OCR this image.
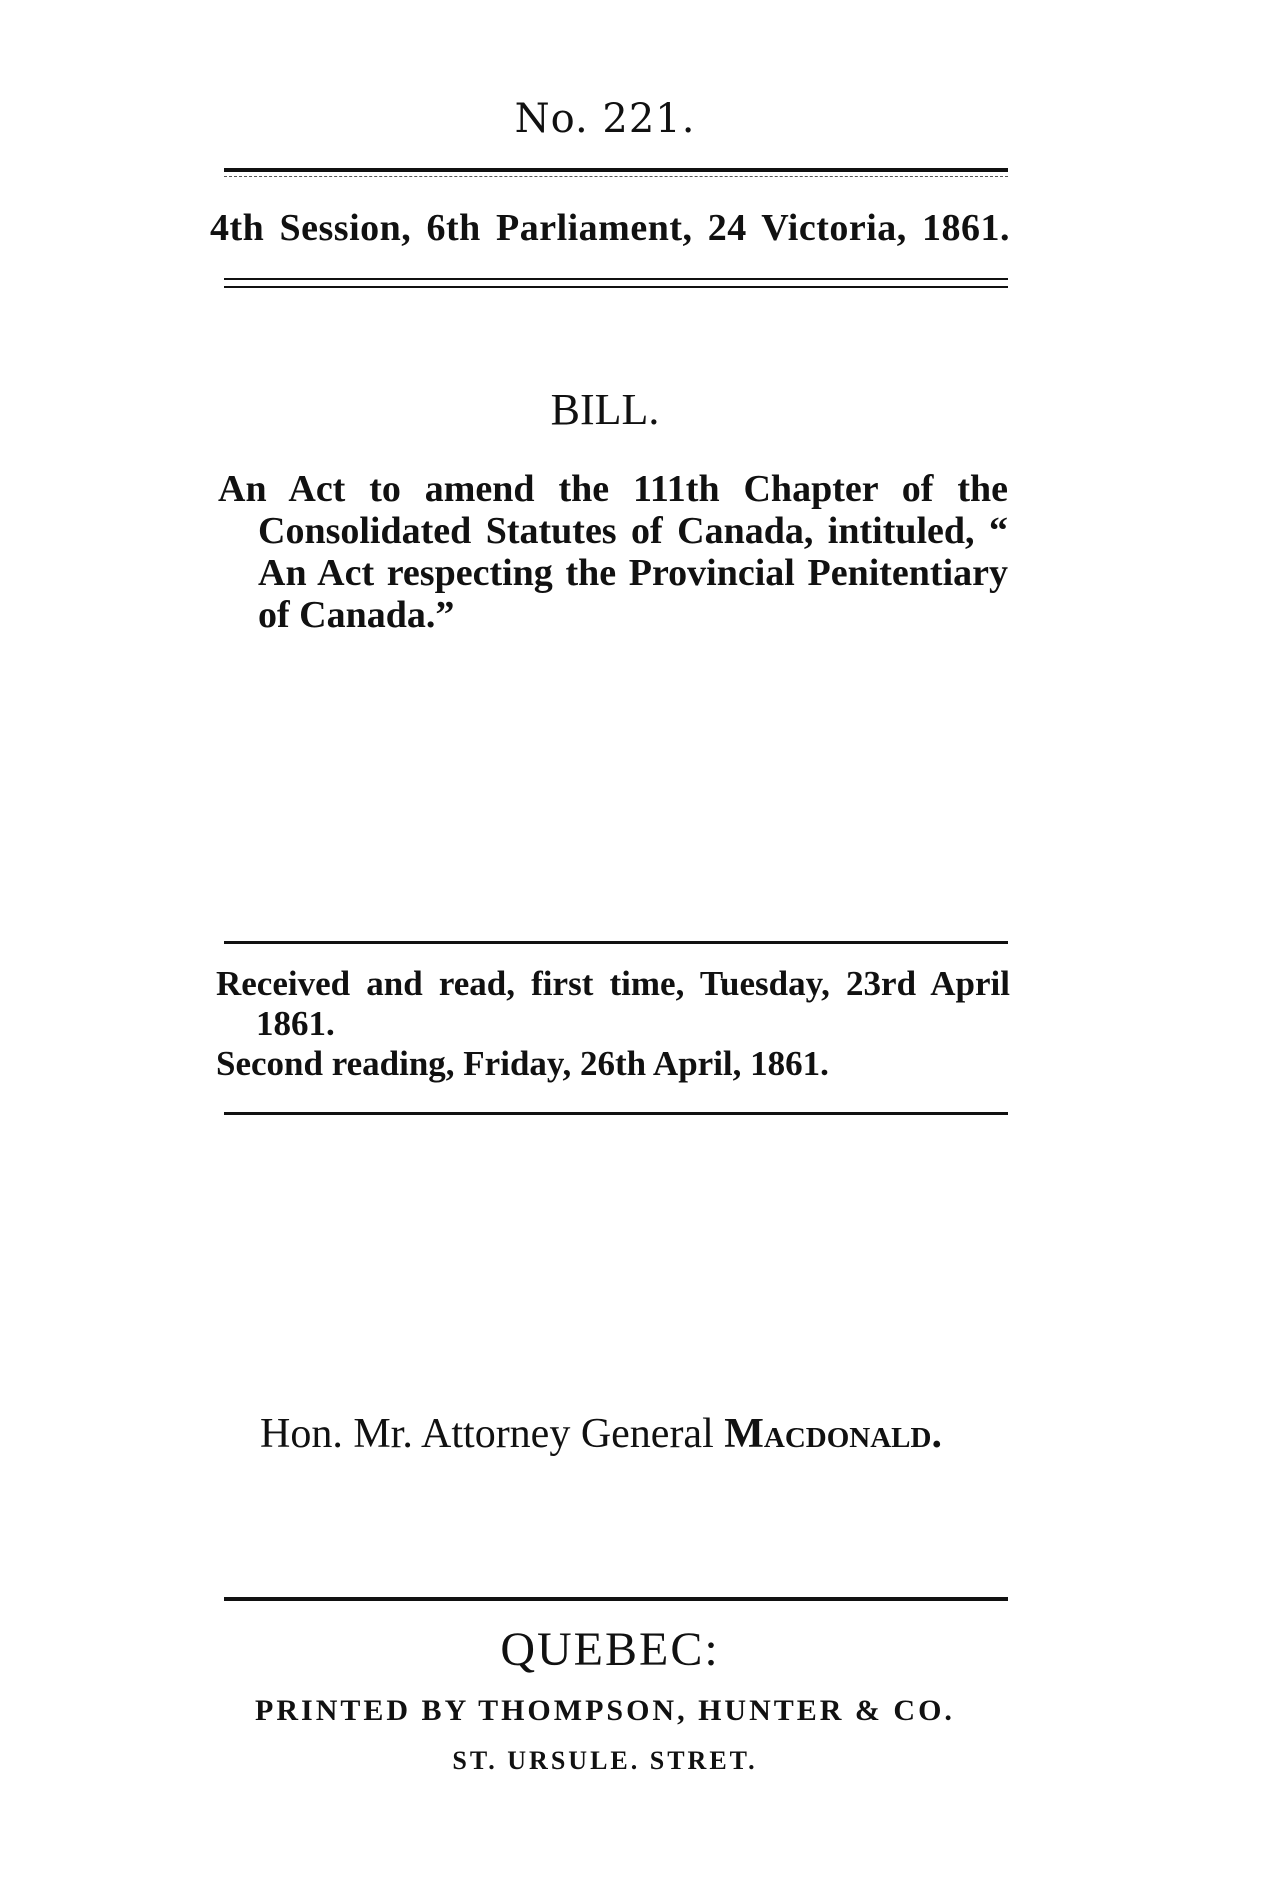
No. 221.
4th Session, 6th Parliament, 24 Victoria, 1861.
BILL.
An Act to amend the 111th Chapter of the Consolidated Statutes of Canada, intituled, “ An Act respecting the Provincial Penitentiary of Canada.”
Received and read, first time, Tuesday, 23rd April 1861.
Second reading, Friday, 26th April, 1861.
Hon. Mr. Attorney General Macdonald.
QUEBEC:
PRINTED BY THOMPSON, HUNTER & CO.
ST. URSULE. STRET.
